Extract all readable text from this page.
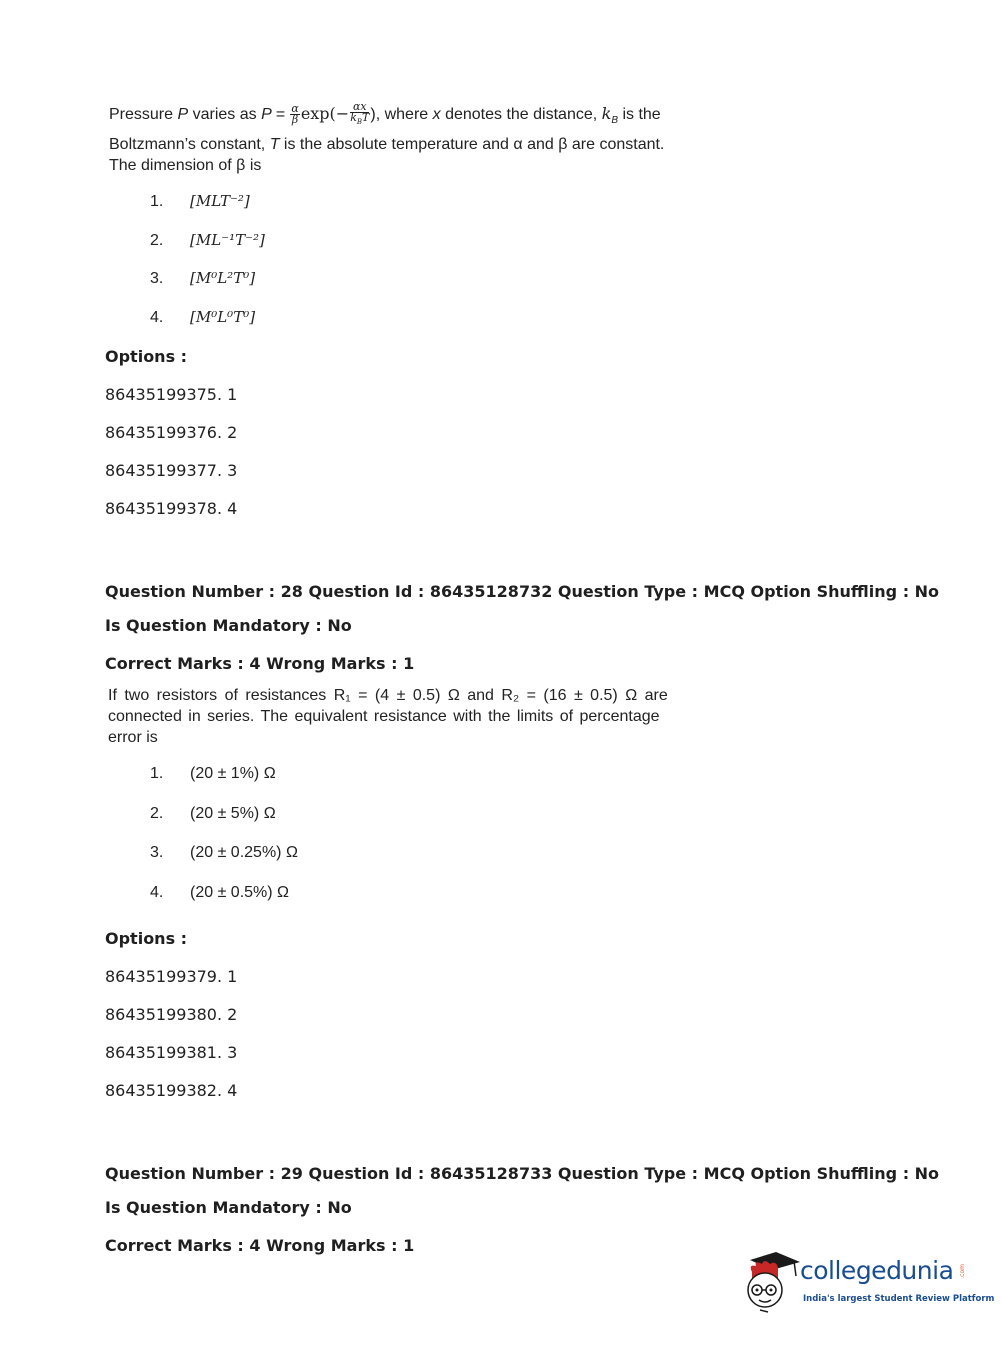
Pressure P varies as $P = \frac{\alpha}{\beta} \exp(- \frac{\alpha x}{k_BT}$ ), where x denotes the distance, $k_B$ is the
Boltzmann’s constant, T is the absolute temperature and α and β are constant.
The dimension of β is
1. [MLT⁻²]
2. [ML⁻¹T⁻²]
3. [M⁰L²T⁰]
4. [M⁰L⁰T⁰]
Options :
86435199375. 1
86435199376. 2
86435199377. 3
86435199378. 4
Question Number : 28 Question Id : 86435128732 Question Type : MCQ Option Shuffling : No
Is Question Mandatory : No
Correct Marks : 4 Wrong Marks : 1
If two resistors of resistances R₁ = (4 ± 0.5) Ω and R₂ = (16 ± 0.5) Ω are
connected in series. The equivalent resistance with the limits of percentage
error is
1. (20 ± 1%) Ω
2. (20 ± 5%) Ω
3. (20 ± 0.25%) Ω
4. (20 ± 0.5%) Ω
Options :
86435199379. 1
86435199380. 2
86435199381. 3
86435199382. 4
Question Number : 29 Question Id : 86435128733 Question Type : MCQ Option Shuffling : No
Is Question Mandatory : No
Correct Marks : 4 Wrong Marks : 1
collegedunia .com
India's largest Student Review Platform
